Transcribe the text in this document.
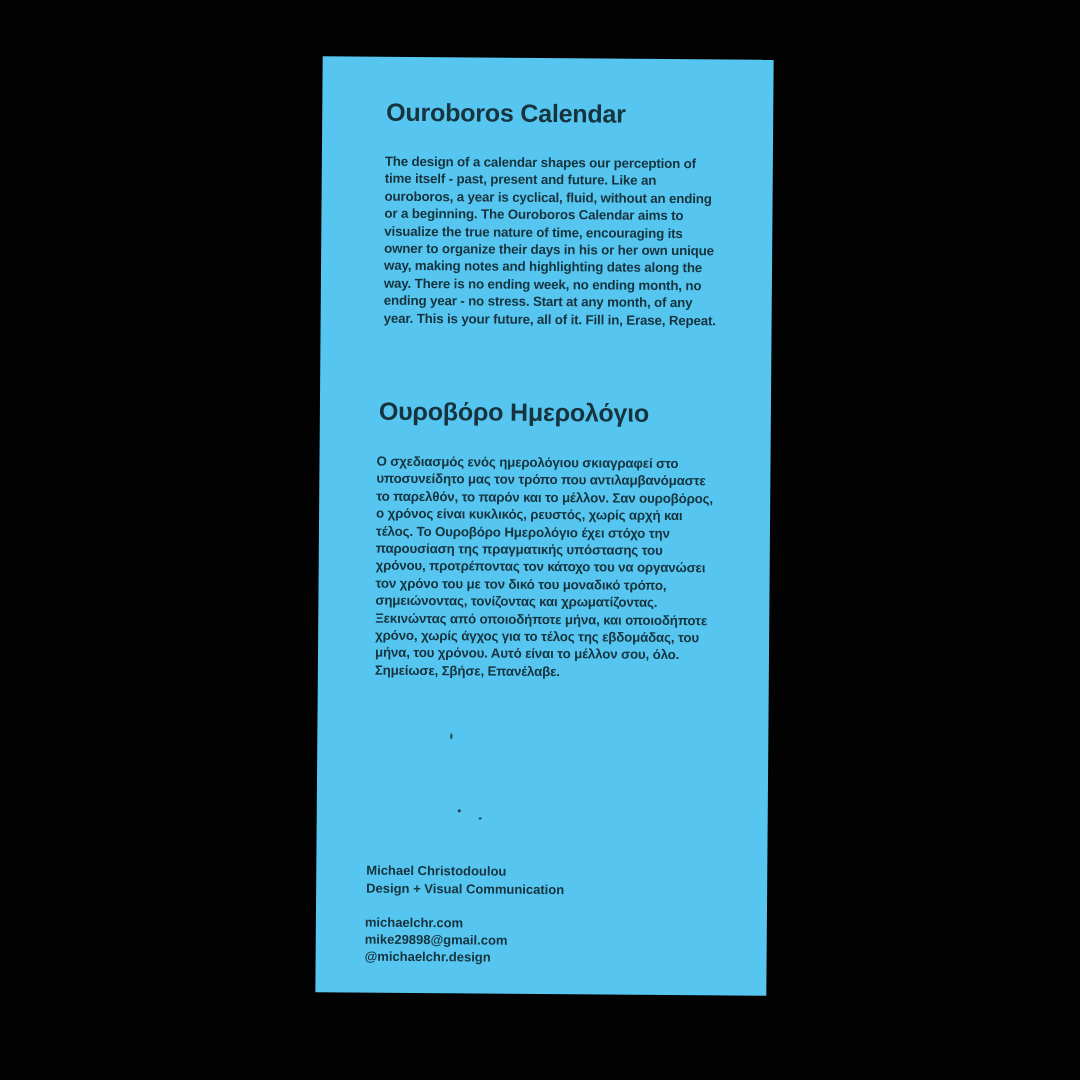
Ouroboros Calendar

The design of a calendar shapes our perception of time itself - past, present and future. Like an ouroboros, a year is cyclical, fluid, without an ending or a beginning. The Ouroboros Calendar aims to visualize the true nature of time, encouraging its owner to organize their days in his or her own unique way, making notes and highlighting dates along the way. There is no ending week, no ending month, no ending year - no stress. Start at any month, of any year. This is your future, all of it. Fill in, Erase, Repeat.

Ουροβόρο Ημερολόγιο

Ο σχεδιασμός ενός ημερολόγιου σκιαγραφεί στο υποσυνείδητο μας τον τρόπο που αντιλαμβανόμαστε το παρελθόν, το παρόν και το μέλλον. Σαν ουροβόρος, ο χρόνος είναι κυκλικός, ρευστός, χωρίς αρχή και τέλος. Το Ουροβόρο Ημερολόγιο έχει στόχο την παρουσίαση της πραγματικής υπόστασης του χρόνου, προτρέποντας τον κάτοχο του να οργανώσει τον χρόνο του με τον δικό του μοναδικό τρόπο, σημειώνοντας, τονίζοντας και χρωματίζοντας. Ξεκινώντας από οποιοδήποτε μήνα, και οποιοδήποτε χρόνο, χωρίς άγχος για το τέλος της εβδομάδας, του μήνα, του χρόνου. Αυτό είναι το μέλλον σου, όλο. Σημείωσε, Σβήσε, Επανέλαβε.

Michael Christodoulou
Design + Visual Communication
michaelchr.com
mike29898@gmail.com
@michaelchr.design
